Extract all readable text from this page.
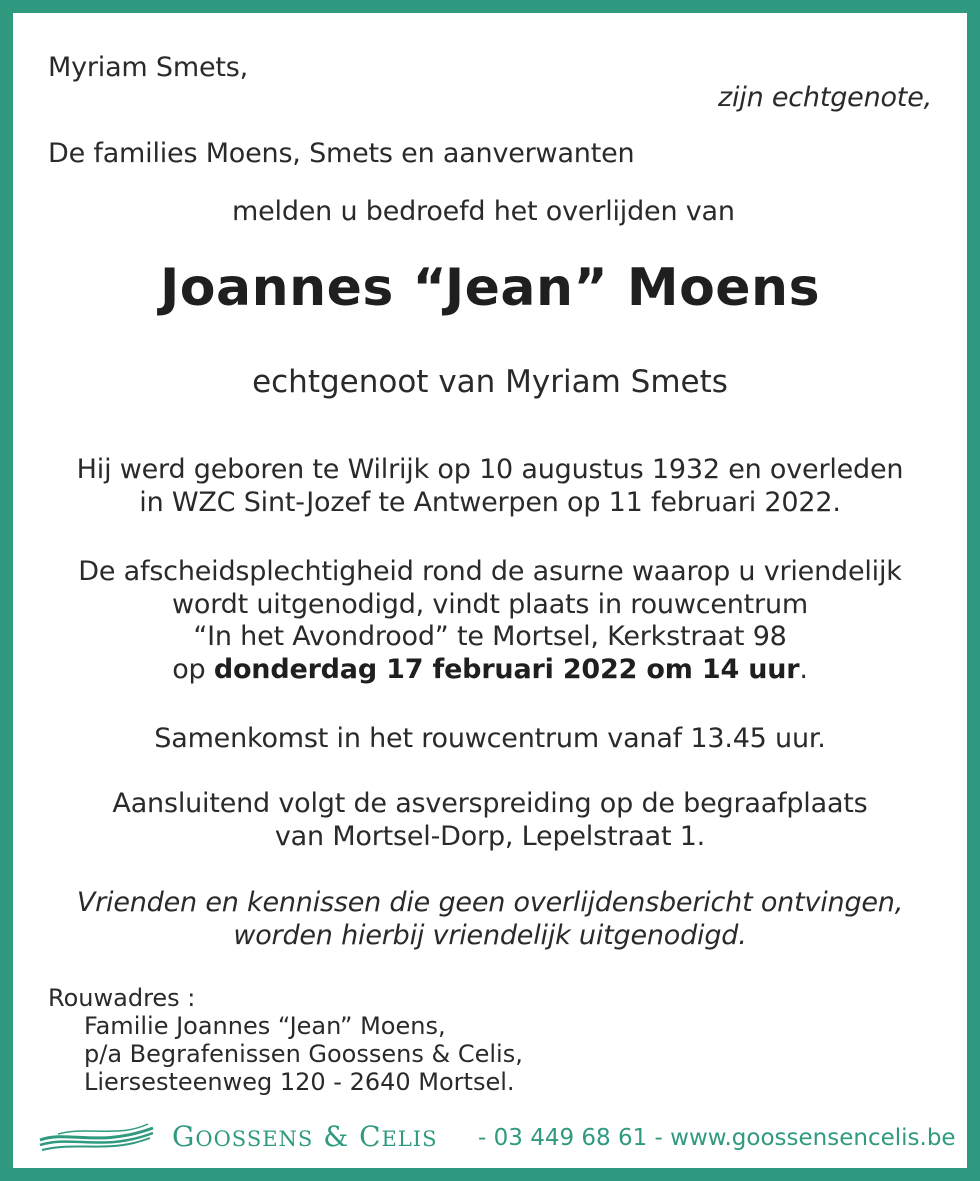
Myriam Smets,
zijn echtgenote,
De families Moens, Smets en aanverwanten
melden u bedroefd het overlijden van
Joannes “Jean” Moens
echtgenoot van Myriam Smets
Hij werd geboren te Wilrijk op 10 augustus 1932 en overleden
in WZC Sint-Jozef te Antwerpen op 11 februari 2022.
De afscheidsplechtigheid rond de asurne waarop u vriendelijk
wordt uitgenodigd, vindt plaats in rouwcentrum
“In het Avondrood” te Mortsel, Kerkstraat 98
op donderdag 17 februari 2022 om 14 uur.
Samenkomst in het rouwcentrum vanaf 13.45 uur.
Aansluitend volgt de asverspreiding op de begraafplaats
van Mortsel-Dorp, Lepelstraat 1.
Vrienden en kennissen die geen overlijdensbericht ontvingen,
worden hierbij vriendelijk uitgenodigd.
Rouwadres :
Familie Joannes “Jean” Moens,
p/a Begrafenissen Goossens & Celis,
Liersesteenweg 120 - 2640 Mortsel.
GOOSSENS & CELIS - 03 449 68 61 - www.goossensencelis.be
